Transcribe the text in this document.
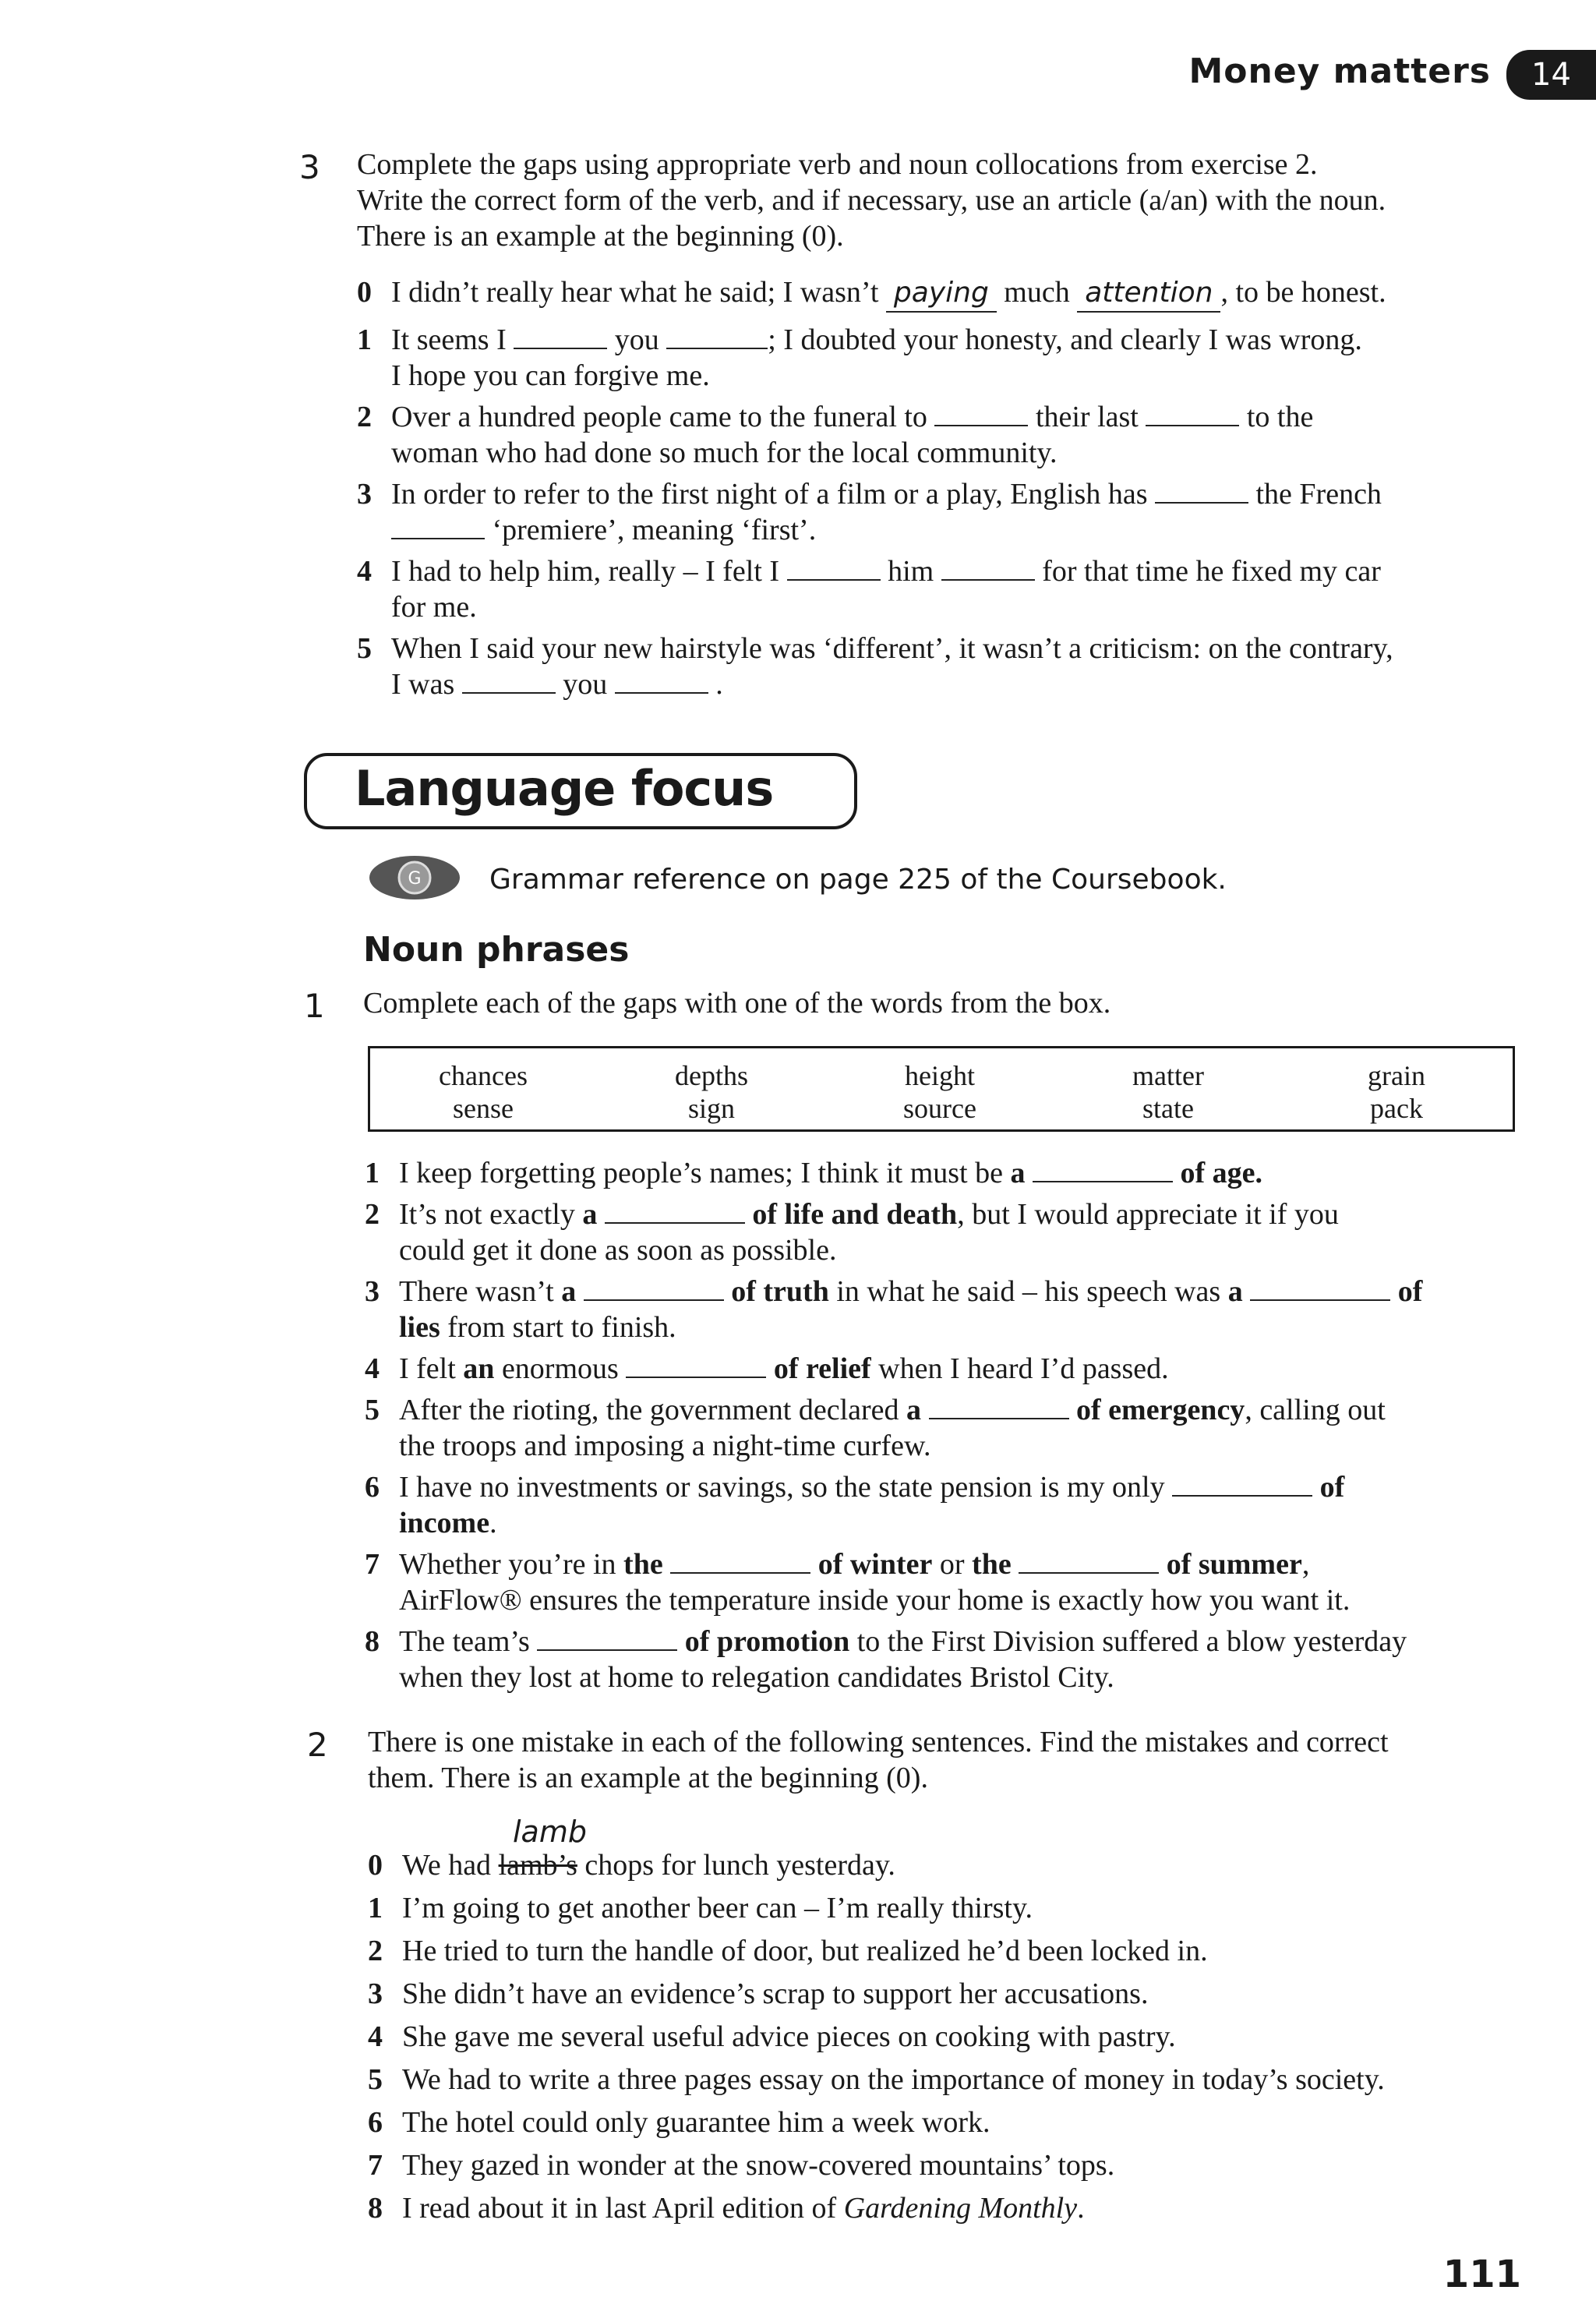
Money matters	14
3 Complete the gaps using appropriate verb and noun collocations from exercise 2.
Write the correct form of the verb, and if necessary, use an article (a/an) with the noun.
There is an example at the beginning (0).
0 I didn’t really hear what he said; I wasn’t paying much attention , to be honest.
1 It seems I	you	; I doubted your honesty, and clearly I was wrong.
I hope you can forgive me.
2 Over a hundred people came to the funeral to	their last	to the
woman who had done so much for the local community.
3 In order to refer to the first night of a film or a play, English has	the French
‘premiere’, meaning ‘first’.
4 I had to help him, really – I felt I	him	for that time he fixed my car
for me.
5 When I said your new hairstyle was ‘different’, it wasn’t a criticism: on the contrary,
I was	you	.
Language focus
G Grammar reference on page 225 of the Coursebook.
Noun phrases
1 Complete each of the gaps with one of the words from the box.
chances	depths	height	matter	grain
sense	sign	source	state	pack
1 I keep forgetting people’s names; I think it must be a	of age.
2 It’s not exactly a	of life and death, but I would appreciate it if you
could get it done as soon as possible.
3 There wasn’t a	of truth in what he said – his speech was a	of
lies from start to finish.
4 I felt an enormous	of relief when I heard I’d passed.
5 After the rioting, the government declared a	of emergency, calling out
the troops and imposing a night-time curfew.
6 I have no investments or savings, so the state pension is my only	of
income.
7 Whether you’re in the	of winter or the	of summer,
AirFlow® ensures the temperature inside your home is exactly how you want it.
8 The team’s	of promotion to the First Division suffered a blow yesterday
when they lost at home to relegation candidates Bristol City.
2 There is one mistake in each of the following sentences. Find the mistakes and correct
them. There is an example at the beginning (0).
lamb
0 We had lamb’s chops for lunch yesterday.
1 I’m going to get another beer can – I’m really thirsty.
2 He tried to turn the handle of door, but realized he’d been locked in.
3 She didn’t have an evidence’s scrap to support her accusations.
4 She gave me several useful advice pieces on cooking with pastry.
5 We had to write a three pages essay on the importance of money in today’s society.
6 The hotel could only guarantee him a week work.
7 They gazed in wonder at the snow-covered mountains’ tops.
8 I read about it in last April edition of Gardening Monthly.
111
